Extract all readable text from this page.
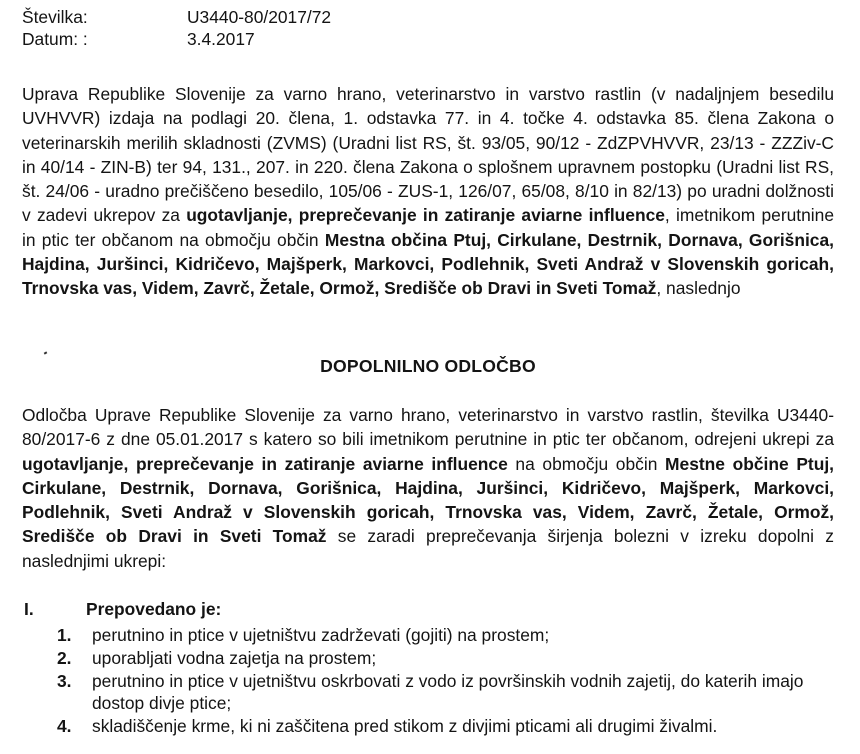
Številka:	U3440-80/2017/72
Datum: :	3.4.2017

Uprava Republike Slovenije za varno hrano, veterinarstvo in varstvo rastlin (v nadaljnjem besedilu UVHVVR) izdaja na podlagi 20. člena, 1. odstavka 77. in 4. točke 4. odstavka 85. člena Zakona o veterinarskih merilih skladnosti (ZVMS) (Uradni list RS, št. 93/05, 90/12 - ZdZPVHVVR, 23/13 - ZZZiv-C in 40/14 - ZIN-B) ter 94, 131., 207. in 220. člena Zakona o splošnem upravnem postopku (Uradni list RS, št. 24/06 - uradno prečiščeno besedilo, 105/06 - ZUS-1, 126/07, 65/08, 8/10 in 82/13) po uradni dolžnosti v zadevi ukrepov za ugotavljanje, preprečevanje in zatiranje aviarne influence, imetnikom perutnine in ptic ter občanom na območju občin Mestna občina Ptuj, Cirkulane, Destrnik, Dornava, Gorišnica, Hajdina, Juršinci, Kidričevo, Majšperk, Markovci, Podlehnik, Sveti Andraž v Slovenskih goricah, Trnovska vas, Videm, Zavrč, Žetale, Ormož, Središče ob Dravi in Sveti Tomaž, naslednjo

DOPOLNILNO ODLOČBO

Odločba Uprave Republike Slovenije za varno hrano, veterinarstvo in varstvo rastlin, številka U3440-80/2017-6 z dne 05.01.2017 s katero so bili imetnikom perutnine in ptic ter občanom, odrejeni ukrepi za ugotavljanje, preprečevanje in zatiranje aviarne influence na območju občin Mestne občine Ptuj, Cirkulane, Destrnik, Dornava, Gorišnica, Hajdina, Juršinci, Kidričevo, Majšperk, Markovci, Podlehnik, Sveti Andraž v Slovenskih goricah, Trnovska vas, Videm, Zavrč, Žetale, Ormož, Središče ob Dravi in Sveti Tomaž se zaradi preprečevanja širjenja bolezni v izreku dopolni z naslednjimi ukrepi:

I.	Prepovedano je:
1.	perutnino in ptice v ujetništvu zadrževati (gojiti) na prostem;
2.	uporabljati vodna zajetja na prostem;
3.	perutnino in ptice v ujetništvu oskrbovati z vodo iz površinskih vodnih zajetij, do katerih imajo dostop divje ptice;
4.	skladiščenje krme, ki ni zaščitena pred stikom z divjimi pticami ali drugimi živalmi.
